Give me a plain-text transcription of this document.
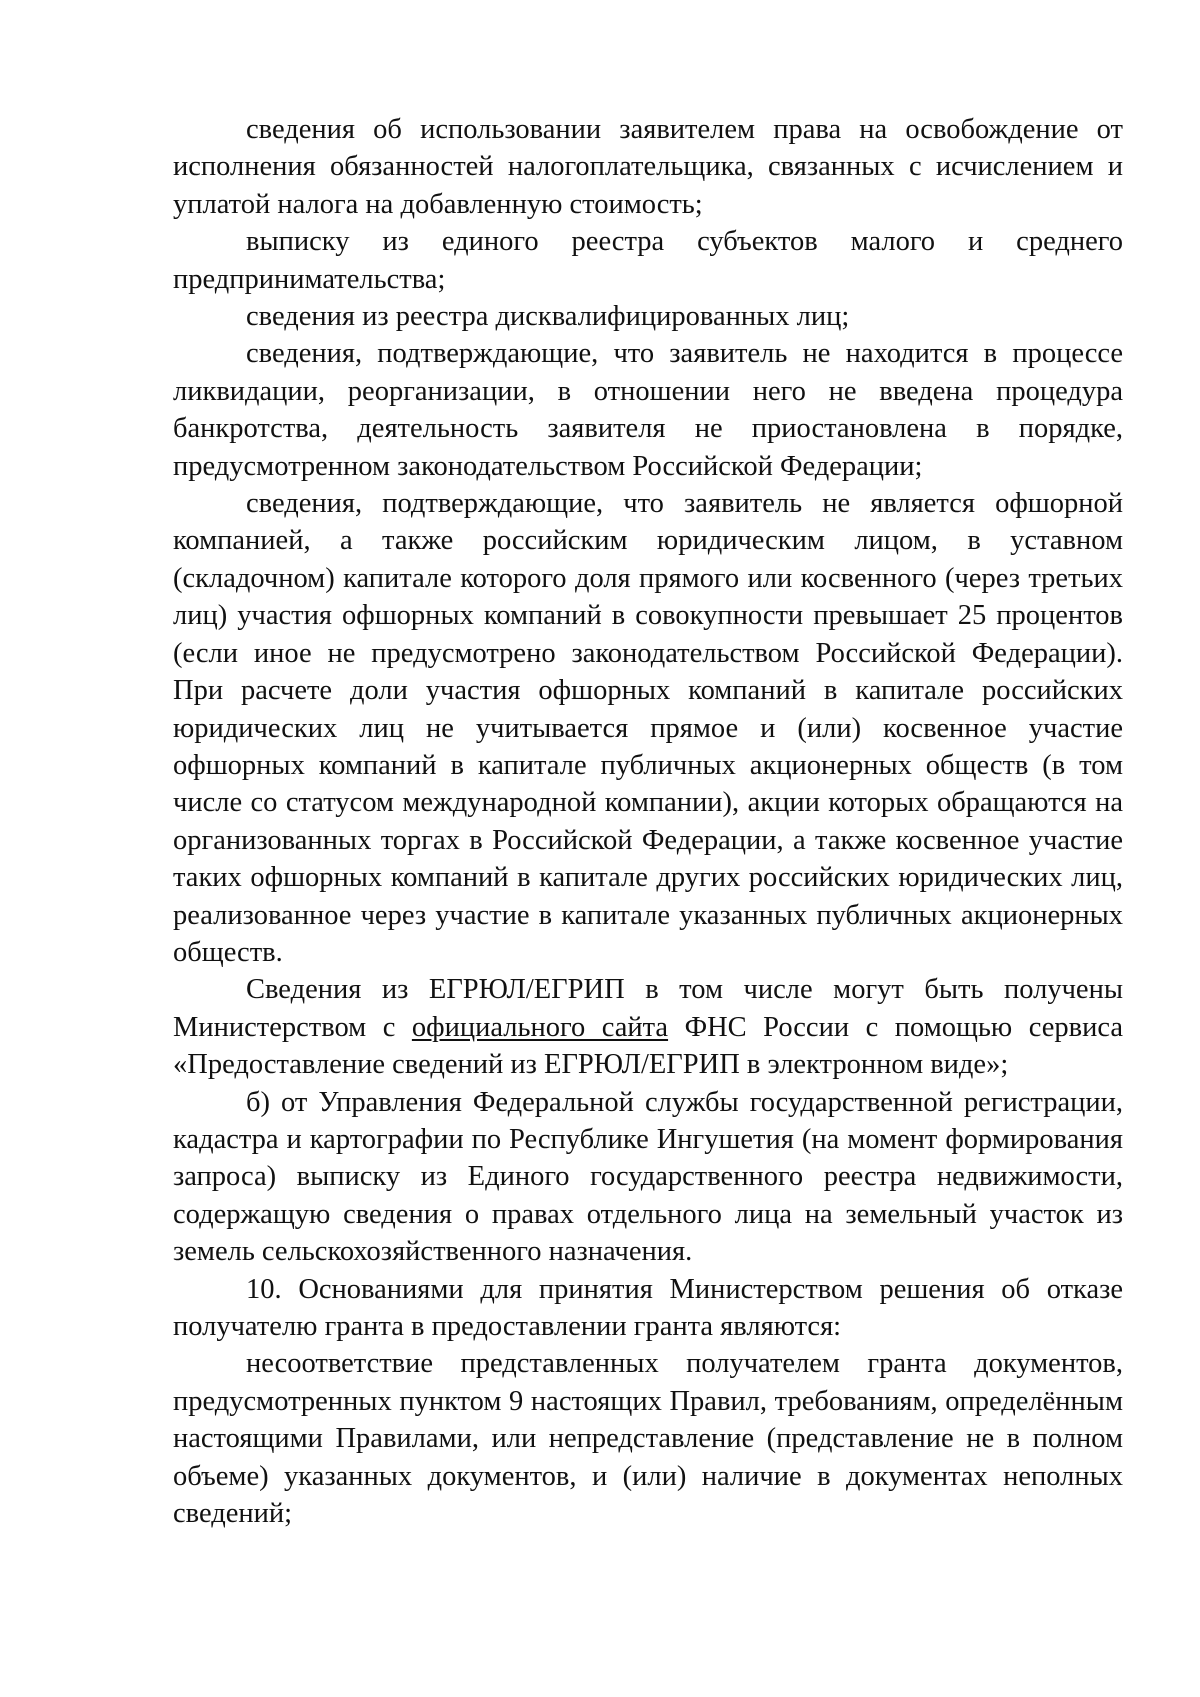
сведения об использовании заявителем права на освобождение от исполнения обязанностей налогоплательщика, связанных с исчислением и уплатой налога на добавленную стоимость;

выписку из единого реестра субъектов малого и среднего предпринимательства;

сведения из реестра дисквалифицированных лиц;

сведения, подтверждающие, что заявитель не находится в процессе ликвидации, реорганизации, в отношении него не введена процедура банкротства, деятельность заявителя не приостановлена в порядке, предусмотренном законодательством Российской Федерации;

сведения, подтверждающие, что заявитель не является офшорной компанией, а также российским юридическим лицом, в уставном (складочном) капитале которого доля прямого или косвенного (через третьих лиц) участия офшорных компаний в совокупности превышает 25 процентов (если иное не предусмотрено законодательством Российской Федерации). При расчете доли участия офшорных компаний в капитале российских юридических лиц не учитывается прямое и (или) косвенное участие офшорных компаний в капитале публичных акционерных обществ (в том числе со статусом международной компании), акции которых обращаются на организованных торгах в Российской Федерации, а также косвенное участие таких офшорных компаний в капитале других российских юридических лиц, реализованное через участие в капитале указанных публичных акционерных обществ.

Сведения из ЕГРЮЛ/ЕГРИП в том числе могут быть получены Министерством с официального сайта ФНС России с помощью сервиса «Предоставление сведений из ЕГРЮЛ/ЕГРИП в электронном виде»;

б) от Управления Федеральной службы государственной регистрации, кадастра и картографии по Республике Ингушетия (на момент формирования запроса) выписку из Единого государственного реестра недвижимости, содержащую сведения о правах отдельного лица на земельный участок из земель сельскохозяйственного назначения.

10. Основаниями для принятия Министерством решения об отказе получателю гранта в предоставлении гранта являются:

несоответствие представленных получателем гранта документов, предусмотренных пунктом 9 настоящих Правил, требованиям, определённым настоящими Правилами, или непредставление (представление не в полном объеме) указанных документов, и (или) наличие в документах неполных сведений;
